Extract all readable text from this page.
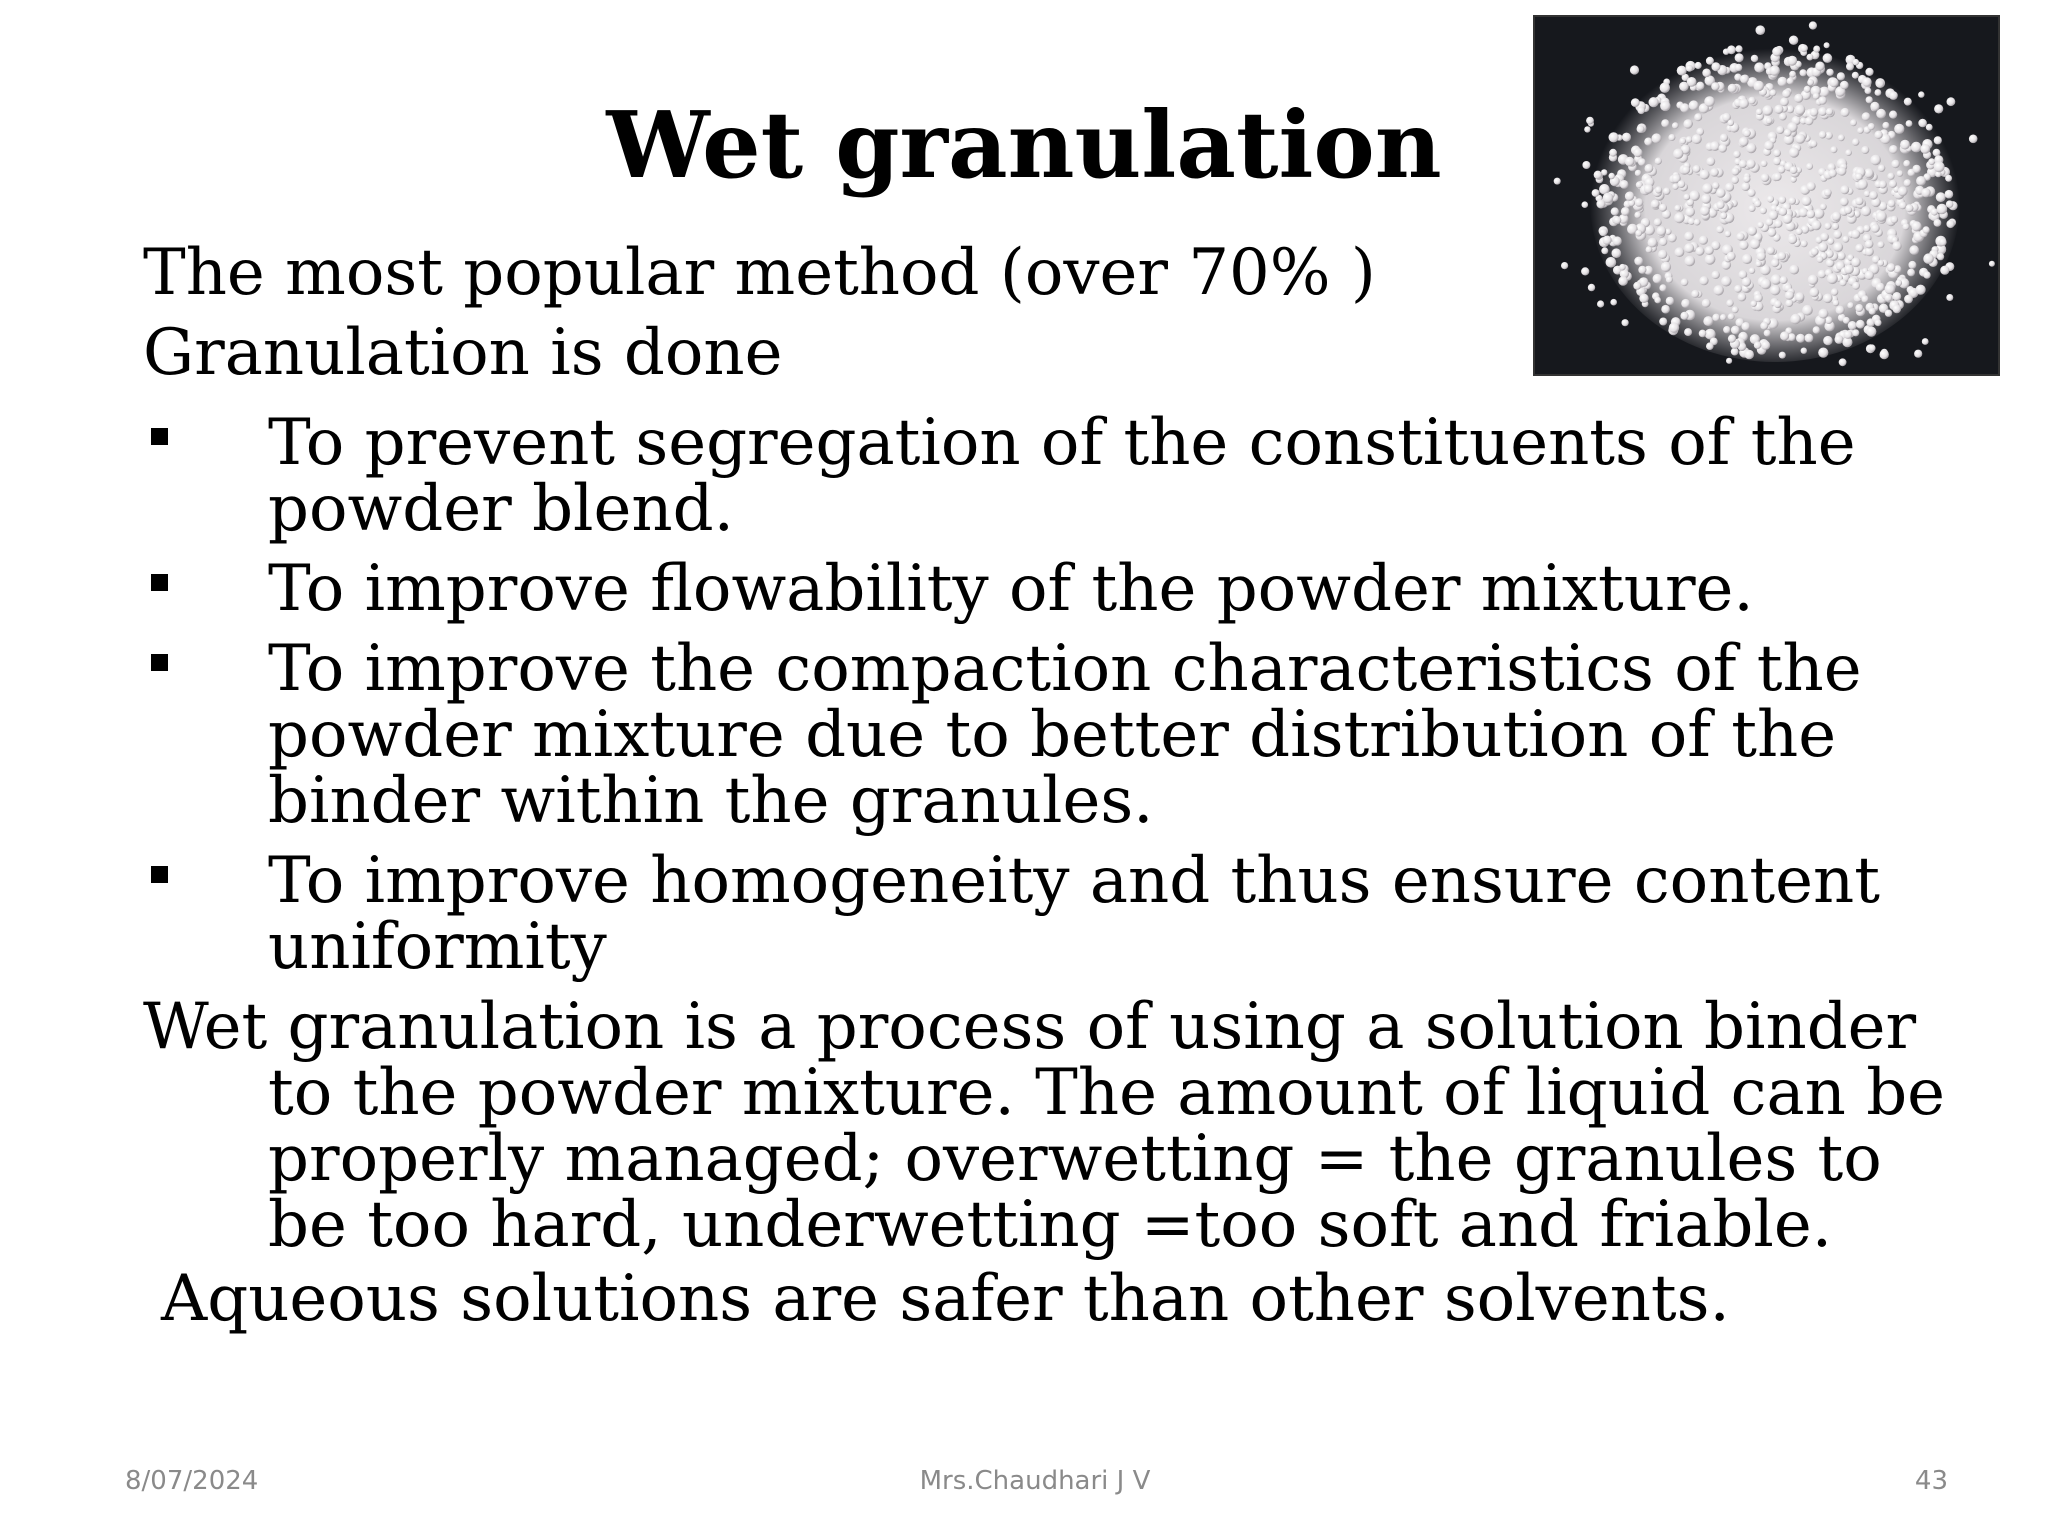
Wet granulation

The most popular method (over 70% )

Granulation is done

To prevent segregation of the constituents of the powder blend.
To improve flowability of the powder mixture.
To improve the compaction characteristics of the powder mixture due to better distribution of the binder within the granules.
To improve homogeneity and thus ensure content uniformity

Wet granulation is a process of using a solution binder to the powder mixture. The amount of liquid can be properly managed; overwetting = the granules to be too hard, underwetting =too soft and friable.

Aqueous solutions are safer than other solvents.

8/07/2024	Mrs.Chaudhari J V	43
